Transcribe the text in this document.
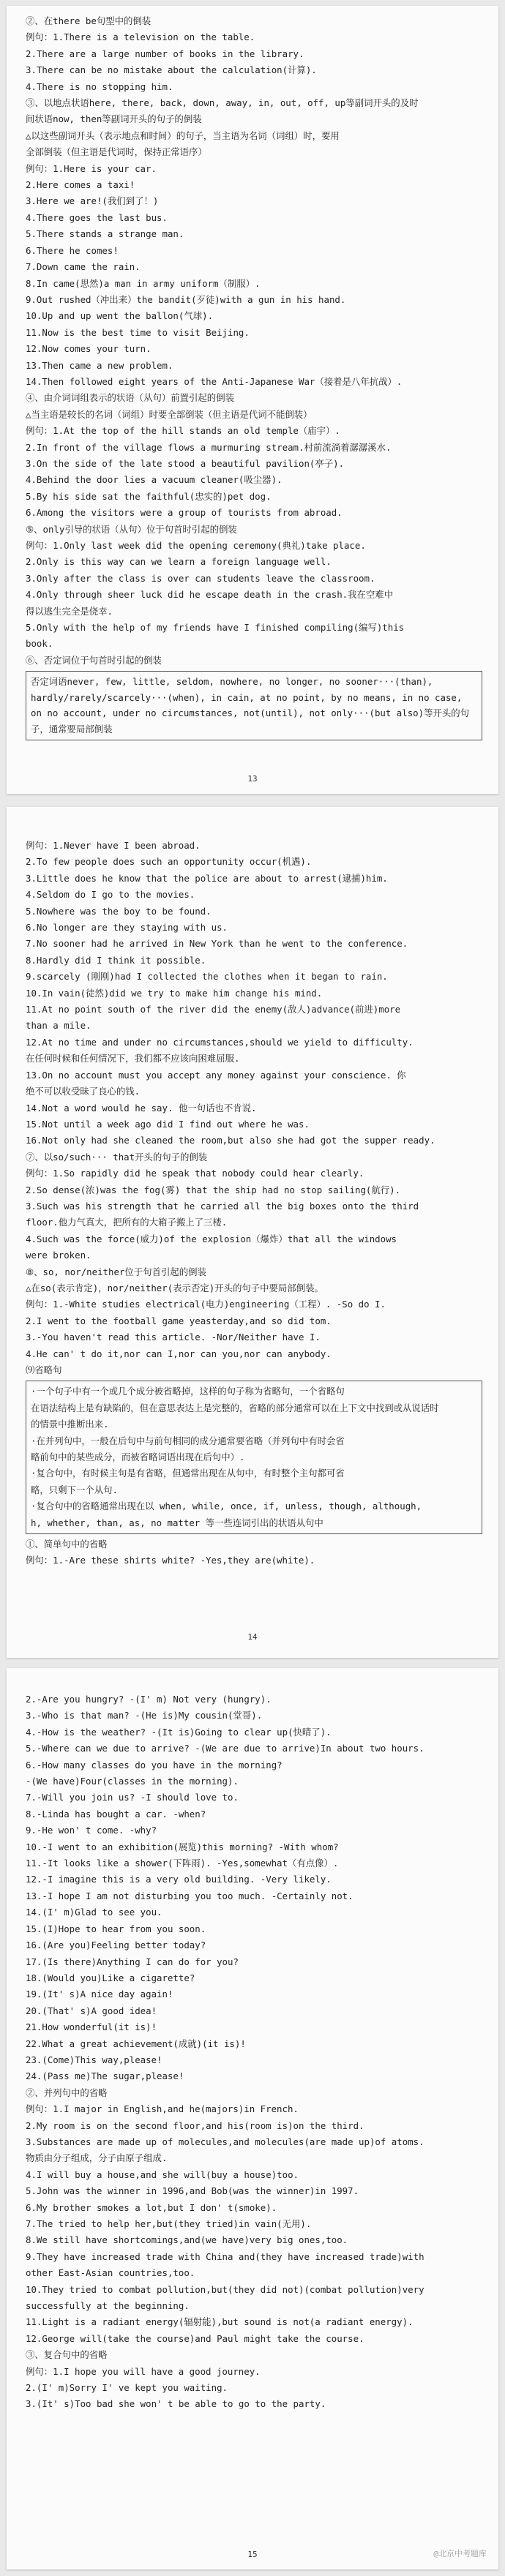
②、在there be句型中的倒装
例句：1.There is a television on the table.
2.There are a large number of books in the library.
3.There can be no mistake about the calculation(计算).
4.There is no stopping him.
③、以地点状语here, there, back, down, away, in, out, off, up等副词开头的及时
间状语now, then等副词开头的句子的倒装
△以这些副词开头（表示地点和时间）的句子，当主语为名词（词组）时，要用
全部倒装（但主语是代词时，保持正常语序）
例句：1.Here is your car.
2.Here comes a taxi!
3.Here we are!(我们到了！)
4.There goes the last bus.
5.There stands a strange man.
6.There he comes!
7.Down came the rain.
8.In came(思然)a man in army uniform（制服）.
9.Out rushed（冲出来）the bandit(歹徒)with a gun in his hand.
10.Up and up went the ballon(气球).
11.Now is the best time to visit Beijing.
12.Now comes your turn.
13.Then came a new problem.
14.Then followed eight years of the Anti-Japanese War（接着是八年抗战）.
④、由介词词组表示的状语（从句）前置引起的倒装
△当主语是较长的名词（词组）时要全部倒装（但主语是代词不能倒装）
例句：1.At the top of the hill stands an old temple（庙宇）.
2.In front of the village flows a murmuring stream.村前流淌着潺潺溪水.
3.On the side of the late stood a beautiful pavilion(亭子).
4.Behind the door lies a vacuum cleaner(吸尘器).
5.By his side sat the faithful(忠实的)pet dog.
6.Among the visitors were a group of tourists from abroad.
⑤、only引导的状语（从句）位于句首时引起的倒装
例句：1.Only last week did the opening ceremony(典礼)take place.
2.Only is this way can we learn a foreign language well.
3.Only after the class is over can students leave the classroom.
4.Only through sheer luck did he escape death in the crash.我在空难中
得以逃生完全是侥幸.
5.Only with the help of my friends have I finished compiling(编写)this
book.
⑥、否定词位于句首时引起的倒装
否定词语never, few, little, seldom, nowhere, no longer, no sooner···(than), hardly/rarely/scarcely···(when), in cain, at no point, by no means, in no case, on no account, under no circumstances, not(until), not only···(but also)等开头的句子，通常要局部倒装
13
例句：1.Never have I been abroad.
2.To few people does such an opportunity occur(机遇).
3.Little does he know that the police are about to arrest(逮捕)him.
4.Seldom do I go to the movies.
5.Nowhere was the boy to be found.
6.No longer are they staying with us.
7.No sooner had he arrived in New York than he went to the conference.
8.Hardly did I think it possible.
9.scarcely (刚刚)had I collected the clothes when it began to rain.
10.In vain(徒然)did we try to make him change his mind.
11.At no point south of the river did the enemy(敌人)advance(前进)more
than a mile.
12.At no time and under no circumstances,should we yield to difficulty.
在任何时候和任何情况下，我们都不应该向困难屈服.
13.On no account must you accept any money against your conscience. 你
绝不可以收受昧了良心的钱.
14.Not a word would he say. 他一句话也不肯说.
15.Not until a week ago did I find out where he was.
16.Not only had she cleaned the room,but also she had got the supper ready.
⑦、以so/such··· that开头的句子的倒装
例句：1.So rapidly did he speak that nobody could hear clearly.
2.So dense(浓)was the fog(雾) that the ship had no stop sailing(航行).
3.Such was his strength that he carried all the big boxes onto the third
floor.他力气真大，把所有的大箱子搬上了三楼.
4.Such was the force(威力)of the explosion（爆炸）that all the windows
were broken.
⑧、so, nor/neither位于句首引起的倒装
△在so(表示肯定)，nor/neither(表示否定)开头的句子中要局部倒装。
例句：1.-White studies electrical(电力)engineering（工程）. -So do I.
2.I went to the football game yeasterday,and so did tom.
3.-You haven't read this article. -Nor/Neither have I.
4.He can' t do it,nor can I,nor can you,nor can anybody.
⑼省略句
·一个句子中有一个或几个成分被省略掉，这样的句子称为省略句，一个省略句
在语法结构上是有缺陷的，但在意思表达上是完整的，省略的部分通常可以在上下文中找到或从说话时
的情景中推断出来.
·在并列句中，一般在后句中与前句相同的成分通常要省略（并列句中有时会省
略前句中的某些成分，而被省略词语出现在后句中）.
·复合句中，有时候主句是有省略，但通常出现在从句中，有时整个主句都可省
略，只剩下一个从句.
·复合句中的省略通常出现在以 when, while, once, if, unless, though, although,
h, whether, than, as, no matter 等一些连词引出的状语从句中
①、简单句中的省略
例句：1.-Are these shirts white? -Yes,they are(white).
14
2.-Are you hungry? -(I' m) Not very (hungry).
3.-Who is that man? -(He is)My cousin(堂哥).
4.-How is the weather? -(It is)Going to clear up(快晴了).
5.-Where can we due to arrive? -(We are due to arrive)In about two hours.
6.-How many classes do you have in the morning?
-(We have)Four(classes in the morning).
7.-Will you join us? -I should love to.
8.-Linda has bought a car. -when?
9.-He won' t come. -why?
10.-I went to an exhibition(展览)this morning? -With whom?
11.-It looks like a shower(下阵雨). -Yes,somewhat（有点像）.
12.-I imagine this is a very old building. -Very likely.
13.-I hope I am not disturbing you too much. -Certainly not.
14.(I' m)Glad to see you.
15.(I)Hope to hear from you soon.
16.(Are you)Feeling better today?
17.(Is there)Anything I can do for you?
18.(Would you)Like a cigarette?
19.(It' s)A nice day again!
20.(That' s)A good idea!
21.How wonderful(it is)!
22.What a great achievement(成就)(it is)!
23.(Come)This way,please!
24.(Pass me)The sugar,please!
②、并列句中的省略
例句：1.I major in English,and he(majors)in French.
2.My room is on the second floor,and his(room is)on the third.
3.Substances are made up of molecules,and molecules(are made up)of atoms.
物质由分子组成，分子由原子组成.
4.I will buy a house,and she will(buy a house)too.
5.John was the winner in 1996,and Bob(was the winner)in 1997.
6.My brother smokes a lot,but I don' t(smoke).
7.The tried to help her,but(they tried)in vain(无用).
8.We still have shortcomings,and(we have)very big ones,too.
9.They have increased trade with China and(they have increased trade)with
other East-Asian countries,too.
10.They tried to combat pollution,but(they did not)(combat pollution)very
successfully at the beginning.
11.Light is a radiant energy(辐射能),but sound is not(a radiant energy).
12.George will(take the course)and Paul might take the course.
③、复合句中的省略
例句：1.I hope you will have a good journey.
2.(I' m)Sorry I' ve kept you waiting.
3.(It' s)Too bad she won' t be able to go to the party.
15	@北京中考题库
